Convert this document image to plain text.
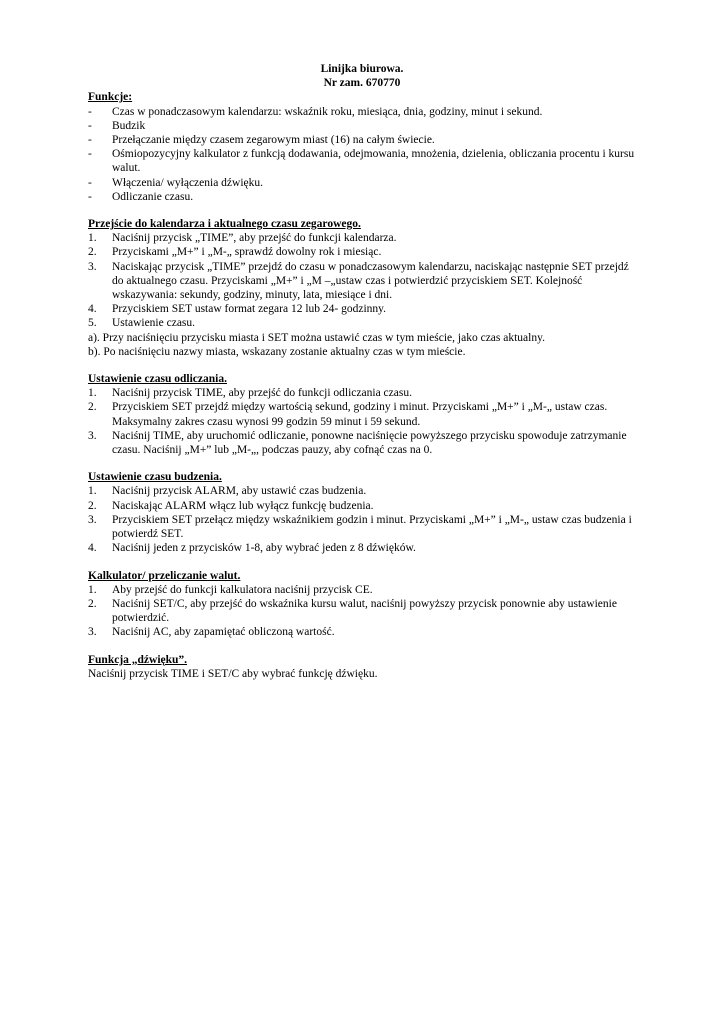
Linijka biurowa.
Nr zam. 670770
Funkcje:
-	Czas w ponadczasowym kalendarzu: wskaźnik roku, miesiąca, dnia, godziny, minut i sekund.
-	Budzik
-	Przełączanie między czasem zegarowym miast (16) na całym świecie.
-	Ośmiopozycyjny kalkulator z funkcją dodawania, odejmowania, mnożenia, dzielenia, obliczania procentu i kursu walut.
-	Włączenia/ wyłączenia dźwięku.
-	Odliczanie czasu.
Przejście do kalendarza i aktualnego czasu zegarowego.
1.	Naciśnij przycisk „TIME”, aby przejść do funkcji kalendarza.
2.	Przyciskami „M+” i „M-„ sprawdź dowolny rok i miesiąc.
3.	Naciskając przycisk „TIME” przejdź do czasu w ponadczasowym kalendarzu, naciskając następnie SET przejdź do aktualnego czasu. Przyciskami „M+” i „M –„ustaw czas i potwierdzić przyciskiem SET. Kolejność wskazywania: sekundy, godziny, minuty, lata, miesiące i dni.
4.	Przyciskiem SET ustaw format zegara 12 lub 24- godzinny.
5.	Ustawienie czasu.
a). Przy naciśnięciu przycisku miasta i SET można ustawić czas w tym mieście, jako czas aktualny.
b). Po naciśnięciu nazwy miasta, wskazany zostanie aktualny czas w tym mieście.
Ustawienie czasu odliczania.
1.	Naciśnij przycisk TIME, aby przejść do funkcji odliczania czasu.
2.	Przyciskiem SET przejdź między wartością sekund, godziny i minut. Przyciskami „M+” i „M-„ ustaw czas. Maksymalny zakres czasu wynosi 99 godzin 59 minut i 59 sekund.
3.	Naciśnij TIME, aby uruchomić odliczanie, ponowne naciśnięcie powyższego przycisku spowoduje zatrzymanie czasu. Naciśnij „M+” lub „M-„, podczas pauzy, aby cofnąć czas na 0.
Ustawienie czasu budzenia.
1.	Naciśnij przycisk ALARM, aby ustawić czas budzenia.
2.	Naciskając ALARM włącz lub wyłącz funkcję budzenia.
3.	Przyciskiem SET przełącz między wskaźnikiem godzin i minut. Przyciskami „M+” i „M-„ ustaw czas budzenia i potwierdź SET.
4.	Naciśnij jeden z przycisków 1-8, aby wybrać jeden z 8 dźwięków.
Kalkulator/ przeliczanie walut.
1.	Aby przejść do funkcji kalkulatora naciśnij przycisk CE.
2.	Naciśnij SET/C, aby przejść do wskaźnika kursu walut, naciśnij powyższy przycisk ponownie aby ustawienie potwierdzić.
3.	Naciśnij AC, aby zapamiętać obliczoną wartość.
Funkcja „dźwięku”.
Naciśnij przycisk TIME i SET/C aby wybrać funkcję dźwięku.
